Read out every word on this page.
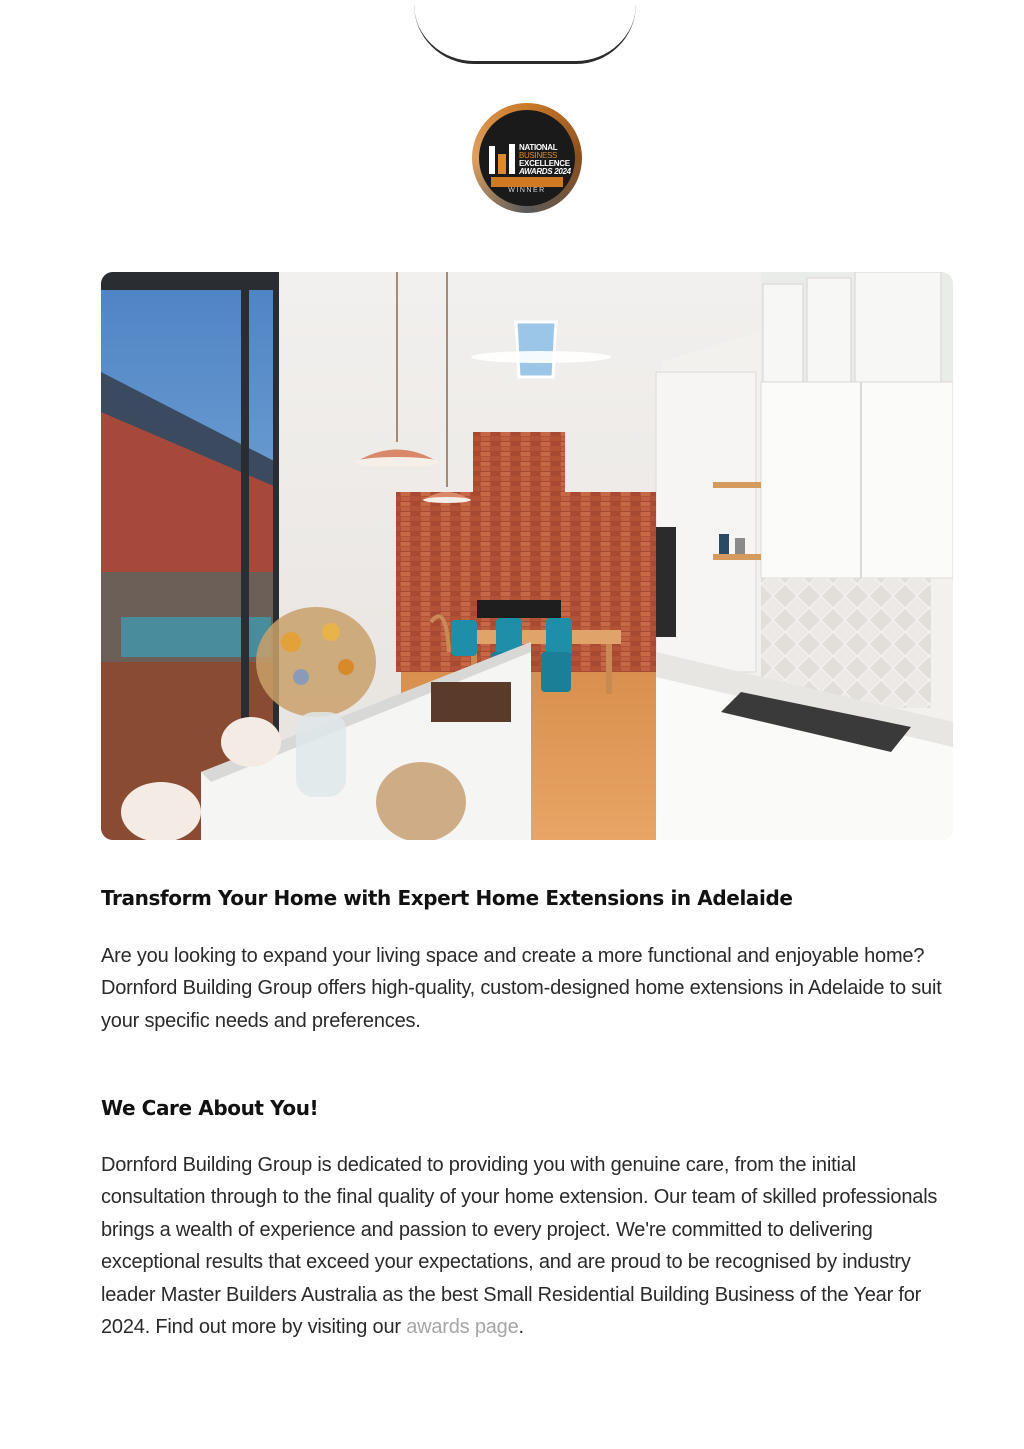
NATIONAL
BUSINESS
EXCELLENCE
AWARDS 2024
WINNER
Transform Your Home with Expert Home Extensions in Adelaide

Are you looking to expand your living space and create a more functional and enjoyable home? Dornford Building Group offers high-quality, custom-designed home extensions in Adelaide to suit your specific needs and preferences.

We Care About You!

Dornford Building Group is dedicated to providing you with genuine care, from the initial consultation through to the final quality of your home extension. Our team of skilled professionals brings a wealth of experience and passion to every project. We're committed to delivering exceptional results that exceed your expectations, and are proud to be recognised by industry leader Master Builders Australia as the best Small Residential Building Business of the Year for 2024. Find out more by visiting our awards page.
